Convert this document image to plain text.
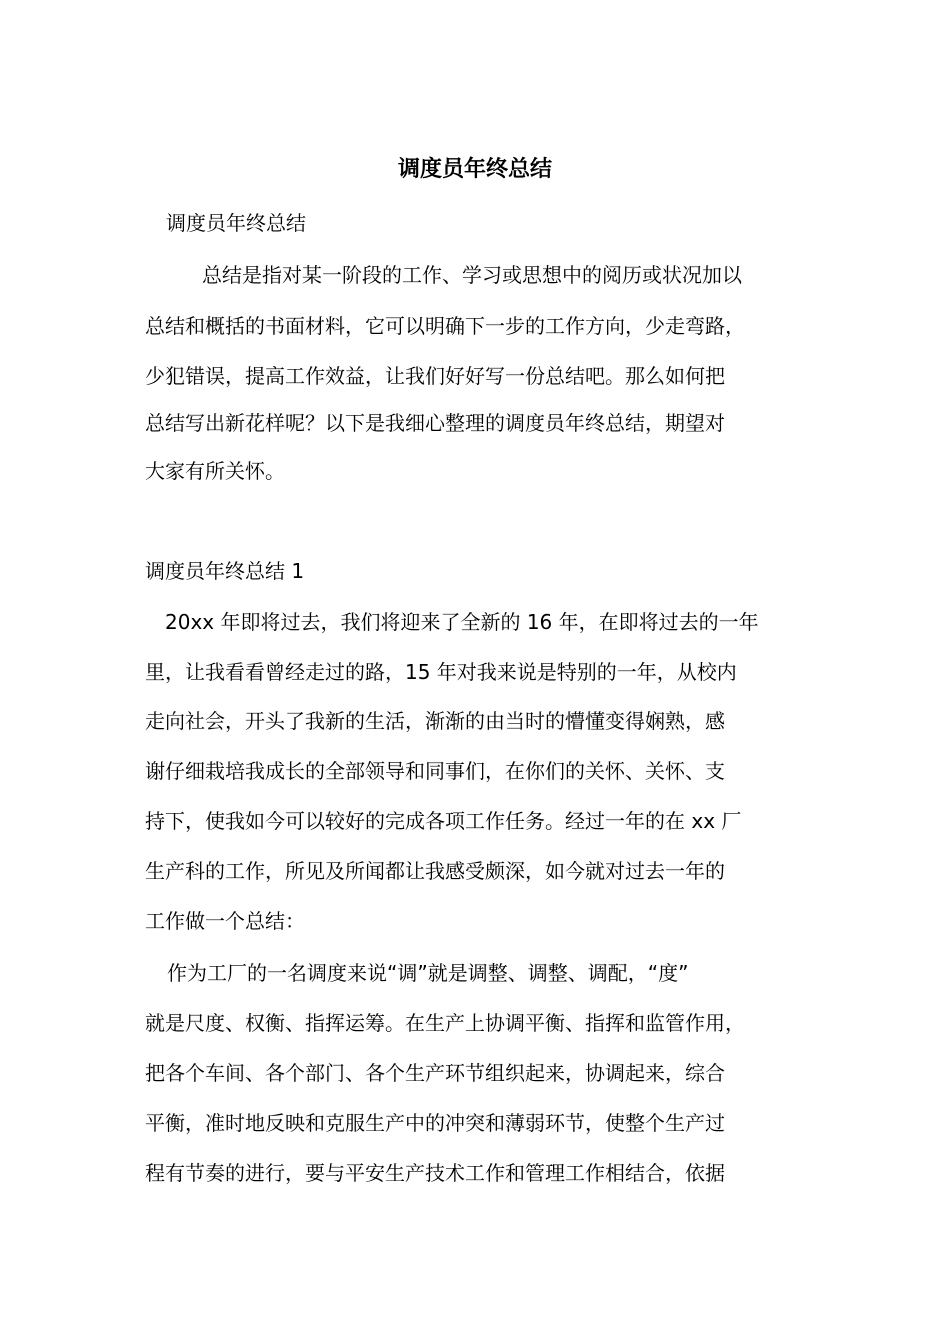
调度员年终总结
调度员年终总结
总结是指对某一阶段的工作、学习或思想中的阅历或状况加以
总结和概括的书面材料，它可以明确下一步的工作方向，少走弯路，
少犯错误，提高工作效益，让我们好好写一份总结吧。那么如何把
总结写出新花样呢？以下是我细心整理的调度员年终总结，期望对
大家有所关怀。
调度员年终总结 1
20xx 年即将过去，我们将迎来了全新的 16 年，在即将过去的一年
里，让我看看曾经走过的路，15 年对我来说是特别的一年，从校内
走向社会，开头了我新的生活，渐渐的由当时的懵懂变得娴熟，感
谢仔细栽培我成长的全部领导和同事们，在你们的关怀、关怀、支
持下，使我如今可以较好的完成各项工作任务。经过一年的在 xx 厂
生产科的工作，所见及所闻都让我感受颇深，如今就对过去一年的
工作做一个总结：
作为工厂的一名调度来说“调”就是调整、调整、调配，“度”
就是尺度、权衡、指挥运筹。在生产上协调平衡、指挥和监管作用，
把各个车间、各个部门、各个生产环节组织起来，协调起来，综合
平衡，准时地反映和克服生产中的冲突和薄弱环节，使整个生产过
程有节奏的进行，要与平安生产技术工作和管理工作相结合，依据
